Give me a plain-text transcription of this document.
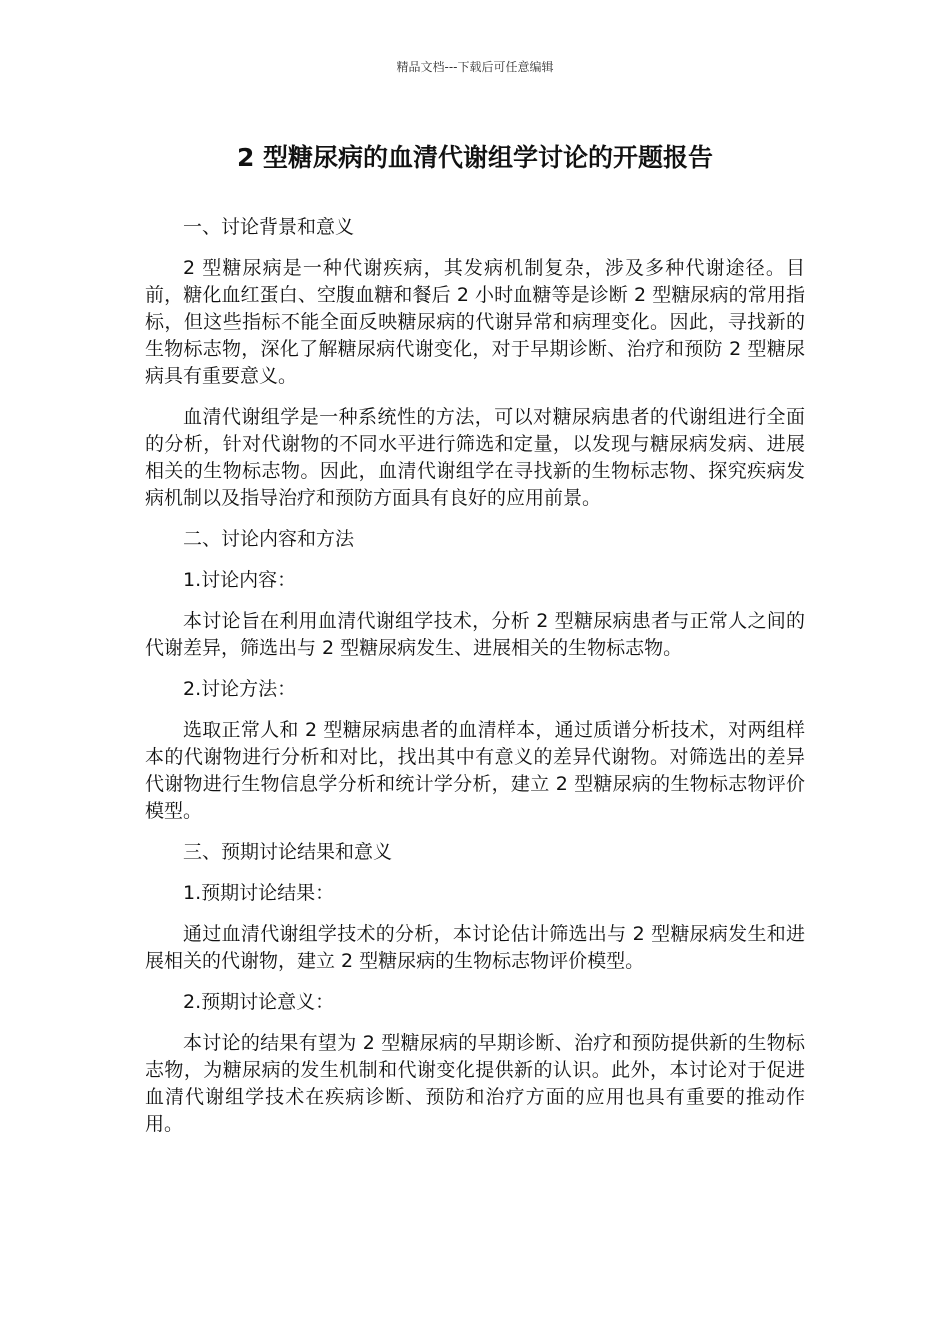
精品文档---下载后可任意编辑
2 型糖尿病的血清代谢组学讨论的开题报告

一、讨论背景和意义

2 型糖尿病是一种代谢疾病，其发病机制复杂，涉及多种代谢途径。目前，糖化血红蛋白、空腹血糖和餐后 2 小时血糖等是诊断 2 型糖尿病的常用指标，但这些指标不能全面反映糖尿病的代谢异常和病理变化。因此，寻找新的生物标志物，深化了解糖尿病代谢变化，对于早期诊断、治疗和预防 2 型糖尿病具有重要意义。

血清代谢组学是一种系统性的方法，可以对糖尿病患者的代谢组进行全面的分析，针对代谢物的不同水平进行筛选和定量，以发现与糖尿病发病、进展相关的生物标志物。因此，血清代谢组学在寻找新的生物标志物、探究疾病发病机制以及指导治疗和预防方面具有良好的应用前景。

二、讨论内容和方法

1.讨论内容：

本讨论旨在利用血清代谢组学技术，分析 2 型糖尿病患者与正常人之间的代谢差异，筛选出与 2 型糖尿病发生、进展相关的生物标志物。

2.讨论方法：

选取正常人和 2 型糖尿病患者的血清样本，通过质谱分析技术，对两组样本的代谢物进行分析和对比，找出其中有意义的差异代谢物。对筛选出的差异代谢物进行生物信息学分析和统计学分析，建立 2 型糖尿病的生物标志物评价模型。

三、预期讨论结果和意义

1.预期讨论结果：

通过血清代谢组学技术的分析，本讨论估计筛选出与 2 型糖尿病发生和进展相关的代谢物，建立 2 型糖尿病的生物标志物评价模型。

2.预期讨论意义：

本讨论的结果有望为 2 型糖尿病的早期诊断、治疗和预防提供新的生物标志物，为糖尿病的发生机制和代谢变化提供新的认识。此外，本讨论对于促进血清代谢组学技术在疾病诊断、预防和治疗方面的应用也具有重要的推动作用。
